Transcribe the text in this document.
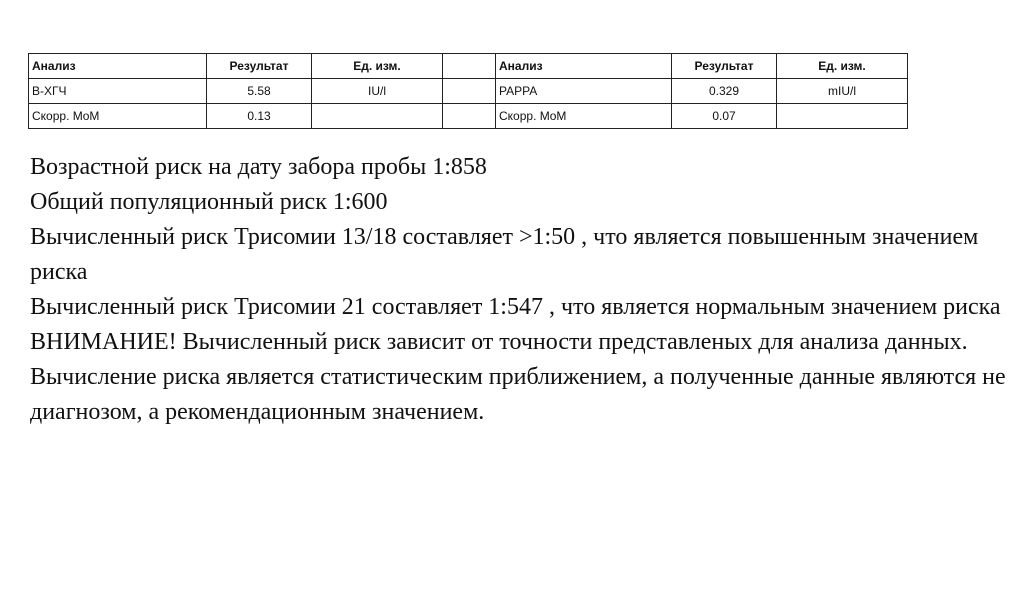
Анализ	Результат	Ед. изм.		Анализ	Результат	Ед. изм.
B-ХГЧ	5.58	IU/l		PAPPA	0.329	mIU/l
Скорр. MoM	0.13			Скорр. MoM	0.07	

Возрастной риск на дату забора пробы 1:858

Общий популяционный риск 1:600

Вычисленный риск Трисомии 13/18 составляет >1:50 , что является повышенным значением риска

Вычисленный риск Трисомии 21 составляет 1:547 , что является нормальным значением риска

ВНИМАНИЕ! Вычисленный риск зависит от точности представленых для анализа данных.

Вычисление риска является статистическим приближением, а полученные данные являются не диагнозом, а рекомендационным значением.
